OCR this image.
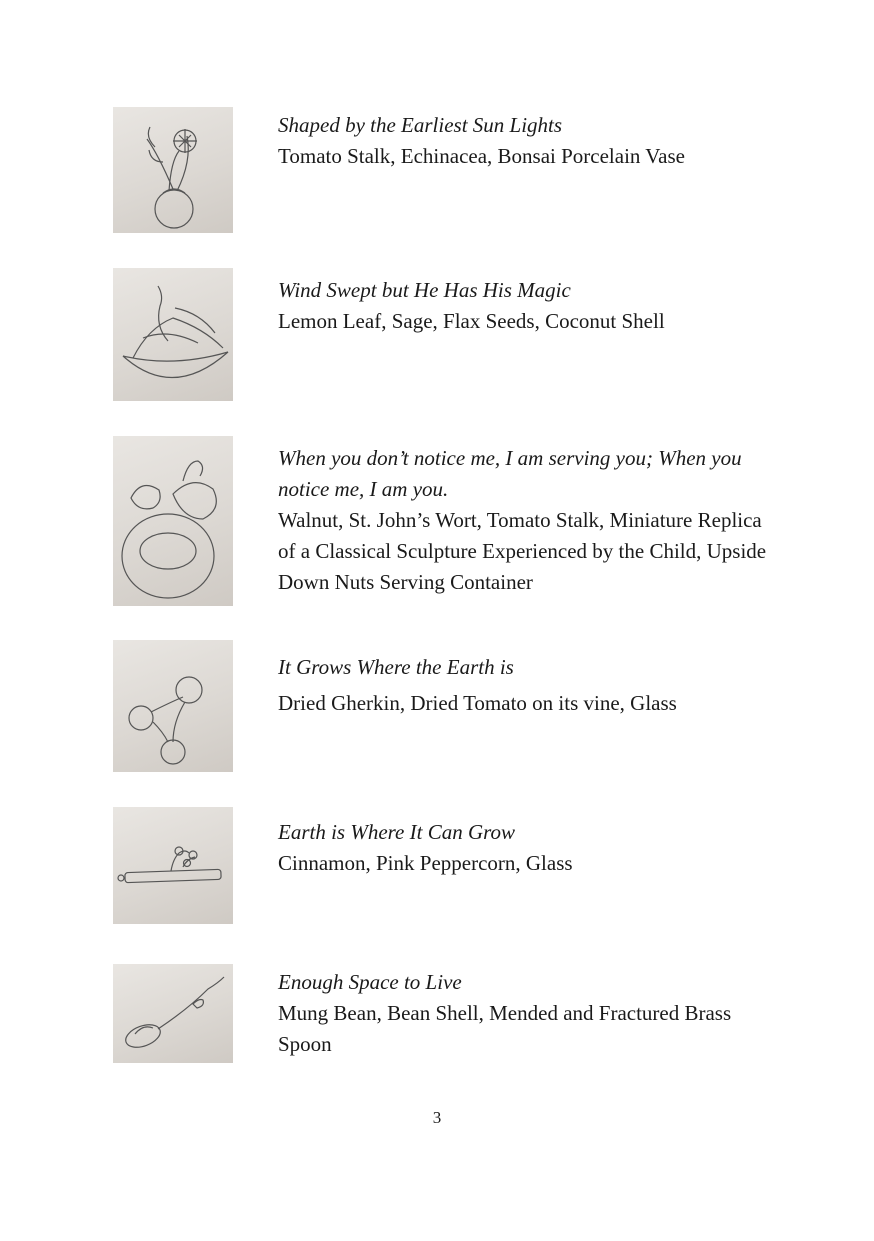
Shaped by the Earliest Sun Lights
Tomato Stalk, Echinacea, Bonsai Porcelain Vase
Wind Swept but He Has His Magic
Lemon Leaf, Sage, Flax Seeds, Coconut Shell
When you don’t notice me, I am serving you; When you notice me, I am you.
Walnut, St. John’s Wort, Tomato Stalk, Miniature Replica of a Classical Sculpture Experienced by the Child, Upside Down Nuts Serving Container
It Grows Where the Earth is
Dried Gherkin, Dried Tomato on its vine, Glass
Earth is Where It Can Grow
Cinnamon, Pink Peppercorn, Glass
Enough Space to Live
Mung Bean, Bean Shell, Mended and Fractured Brass Spoon
3
